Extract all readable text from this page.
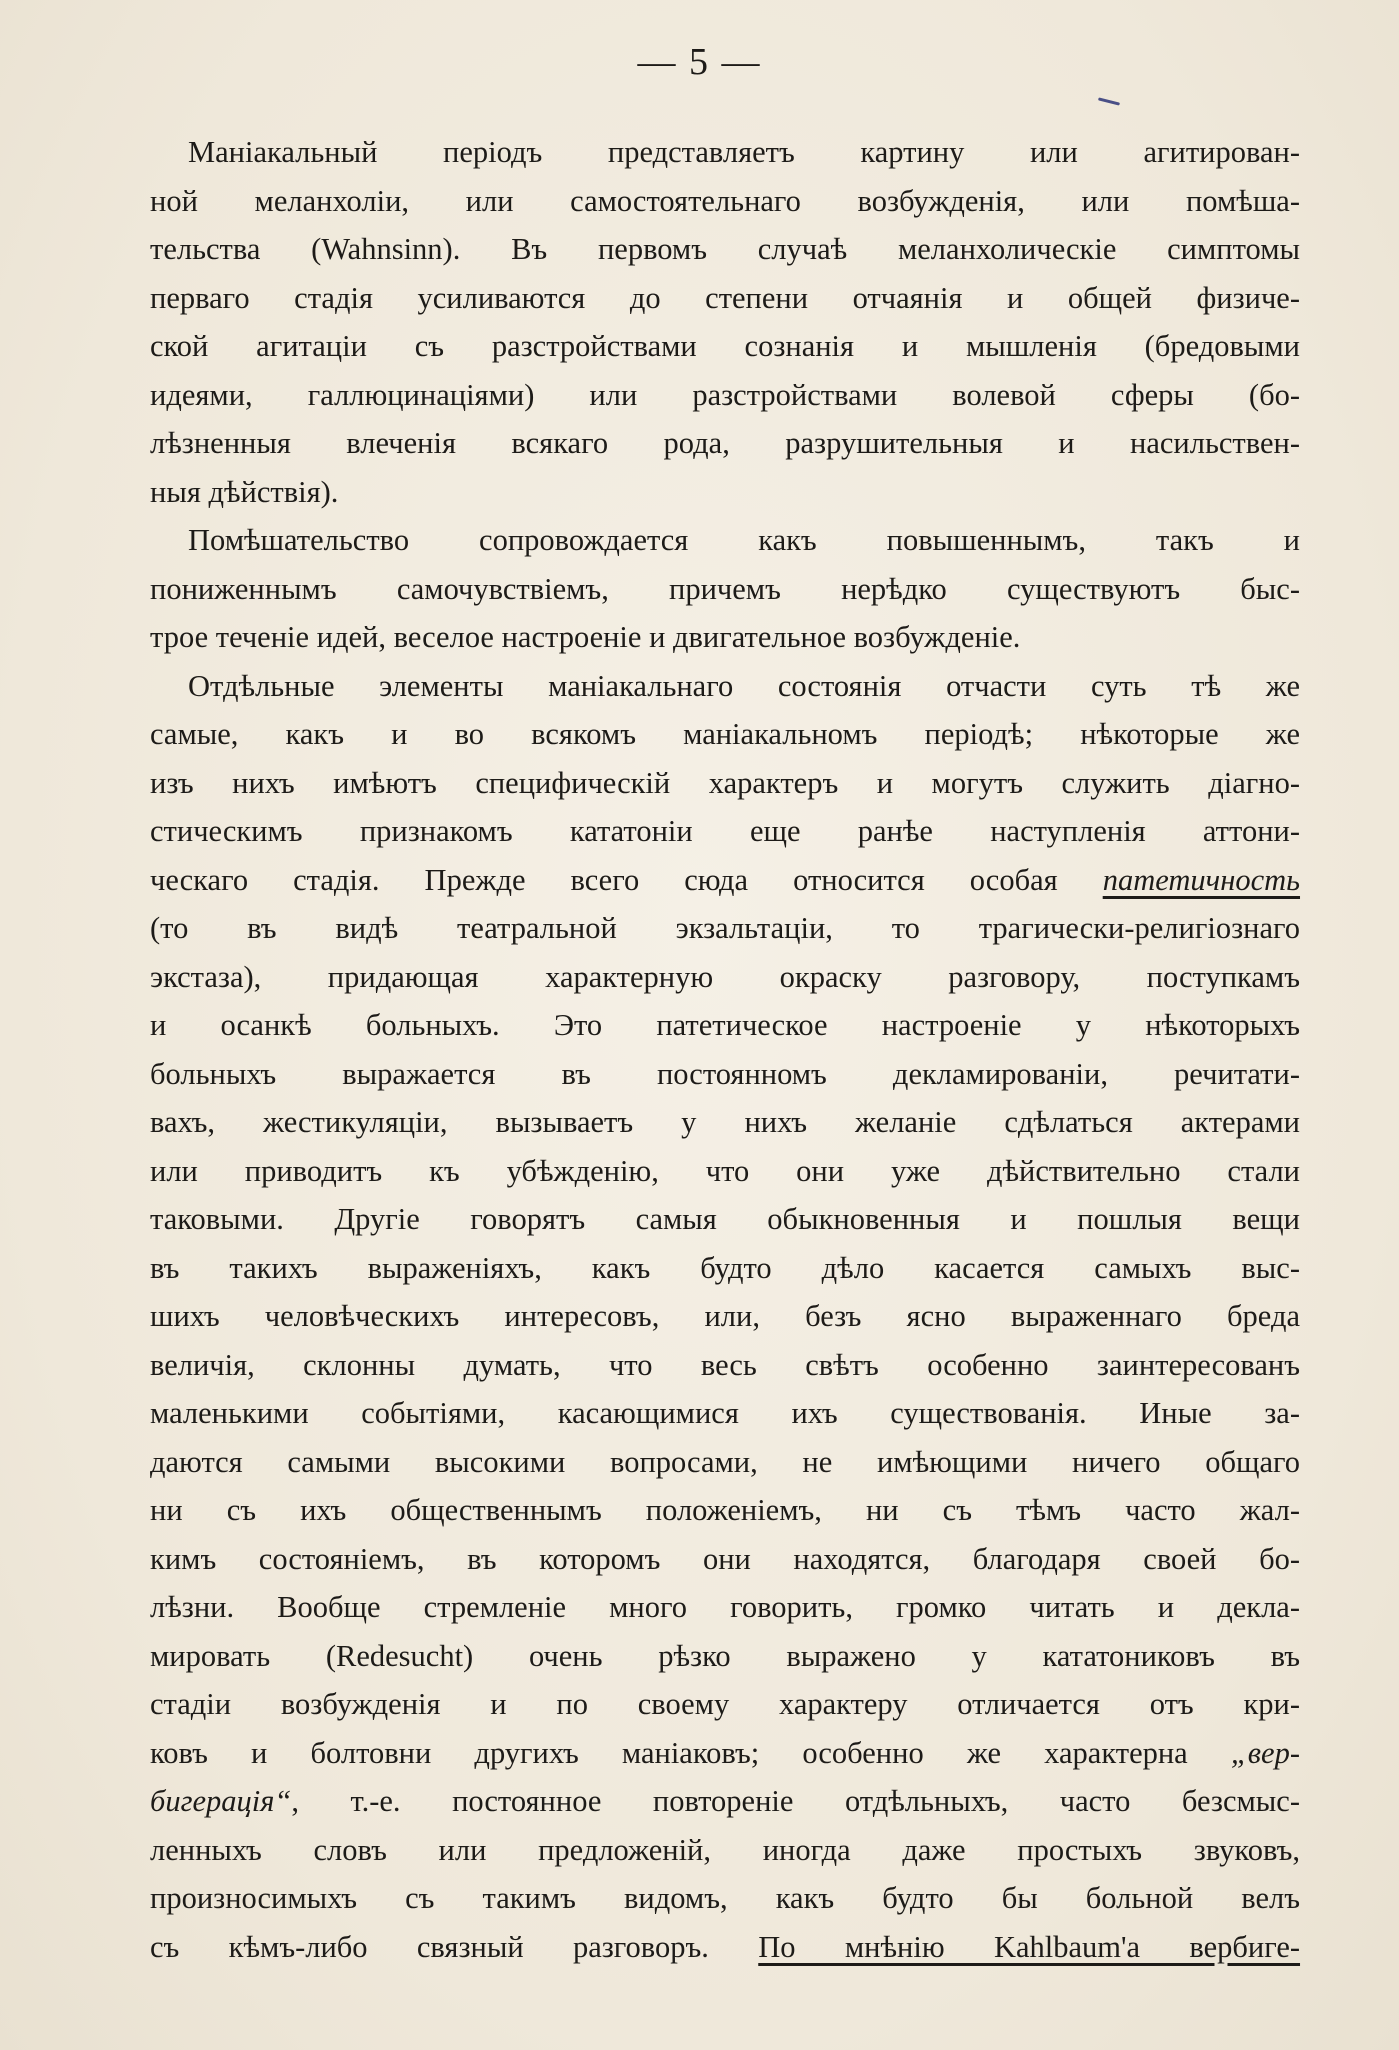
— 5 —
Маніакальный періодъ представляетъ картину или агитирован-
ной меланхоліи, или самостоятельнаго возбужденія, или помѣша-
тельства (Wahnsinn). Въ первомъ случаѣ меланхолическіе симптомы
перваго стадія усиливаются до степени отчаянія и общей физиче-
ской агитаціи съ разстройствами сознанія и мышленія (бредовыми
идеями, галлюцинаціями) или разстройствами волевой сферы (бо-
лѣзненныя влеченія всякаго рода, разрушительныя и насильствен-
ныя дѣйствія).
Помѣшательство сопровождается какъ повышеннымъ, такъ и
пониженнымъ самочувствіемъ, причемъ нерѣдко существуютъ быс-
трое теченіе идей, веселое настроеніе и двигательное возбужденіе.
Отдѣльные элементы маніакальнаго состоянія отчасти суть тѣ же
самые, какъ и во всякомъ маніакальномъ періодѣ; нѣкоторые же
изъ нихъ имѣютъ специфическій характеръ и могутъ служить діагно-
стическимъ признакомъ кататоніи еще ранѣе наступленія аттони-
ческаго стадія. Прежде всего сюда относится особая патетичность
(то въ видѣ театральной экзальтаціи, то трагически-религіознаго
экстаза), придающая характерную окраску разговору, поступкамъ
и осанкѣ больныхъ. Это патетическое настроеніе у нѣкоторыхъ
больныхъ выражается въ постоянномъ декламированіи, речитати-
вахъ, жестикуляціи, вызываетъ у нихъ желаніе сдѣлаться актерами
или приводитъ къ убѣжденію, что они уже дѣйствительно стали
таковыми. Другіе говорятъ самыя обыкновенныя и пошлыя вещи
въ такихъ выраженіяхъ, какъ будто дѣло касается самыхъ выс-
шихъ человѣческихъ интересовъ, или, безъ ясно выраженнаго бреда
величія, склонны думать, что весь свѣтъ особенно заинтересованъ
маленькими событіями, касающимися ихъ существованія. Иные за-
даются самыми высокими вопросами, не имѣющими ничего общаго
ни съ ихъ общественнымъ положеніемъ, ни съ тѣмъ часто жал-
кимъ состояніемъ, въ которомъ они находятся, благодаря своей бо-
лѣзни. Вообще стремленіе много говорить, громко читать и декла-
мировать (Redesucht) очень рѣзко выражено у кататониковъ въ
стадіи возбужденія и по своему характеру отличается отъ кри-
ковъ и болтовни другихъ маніаковъ; особенно же характерна „вер-
бигерація“, т.-е. постоянное повтореніе отдѣльныхъ, часто безсмыс-
ленныхъ словъ или предложеній, иногда даже простыхъ звуковъ,
произносимыхъ съ такимъ видомъ, какъ будто бы больной велъ
съ кѣмъ-либо связный разговоръ. По мнѣнію Kahlbaum'a вербиге-
